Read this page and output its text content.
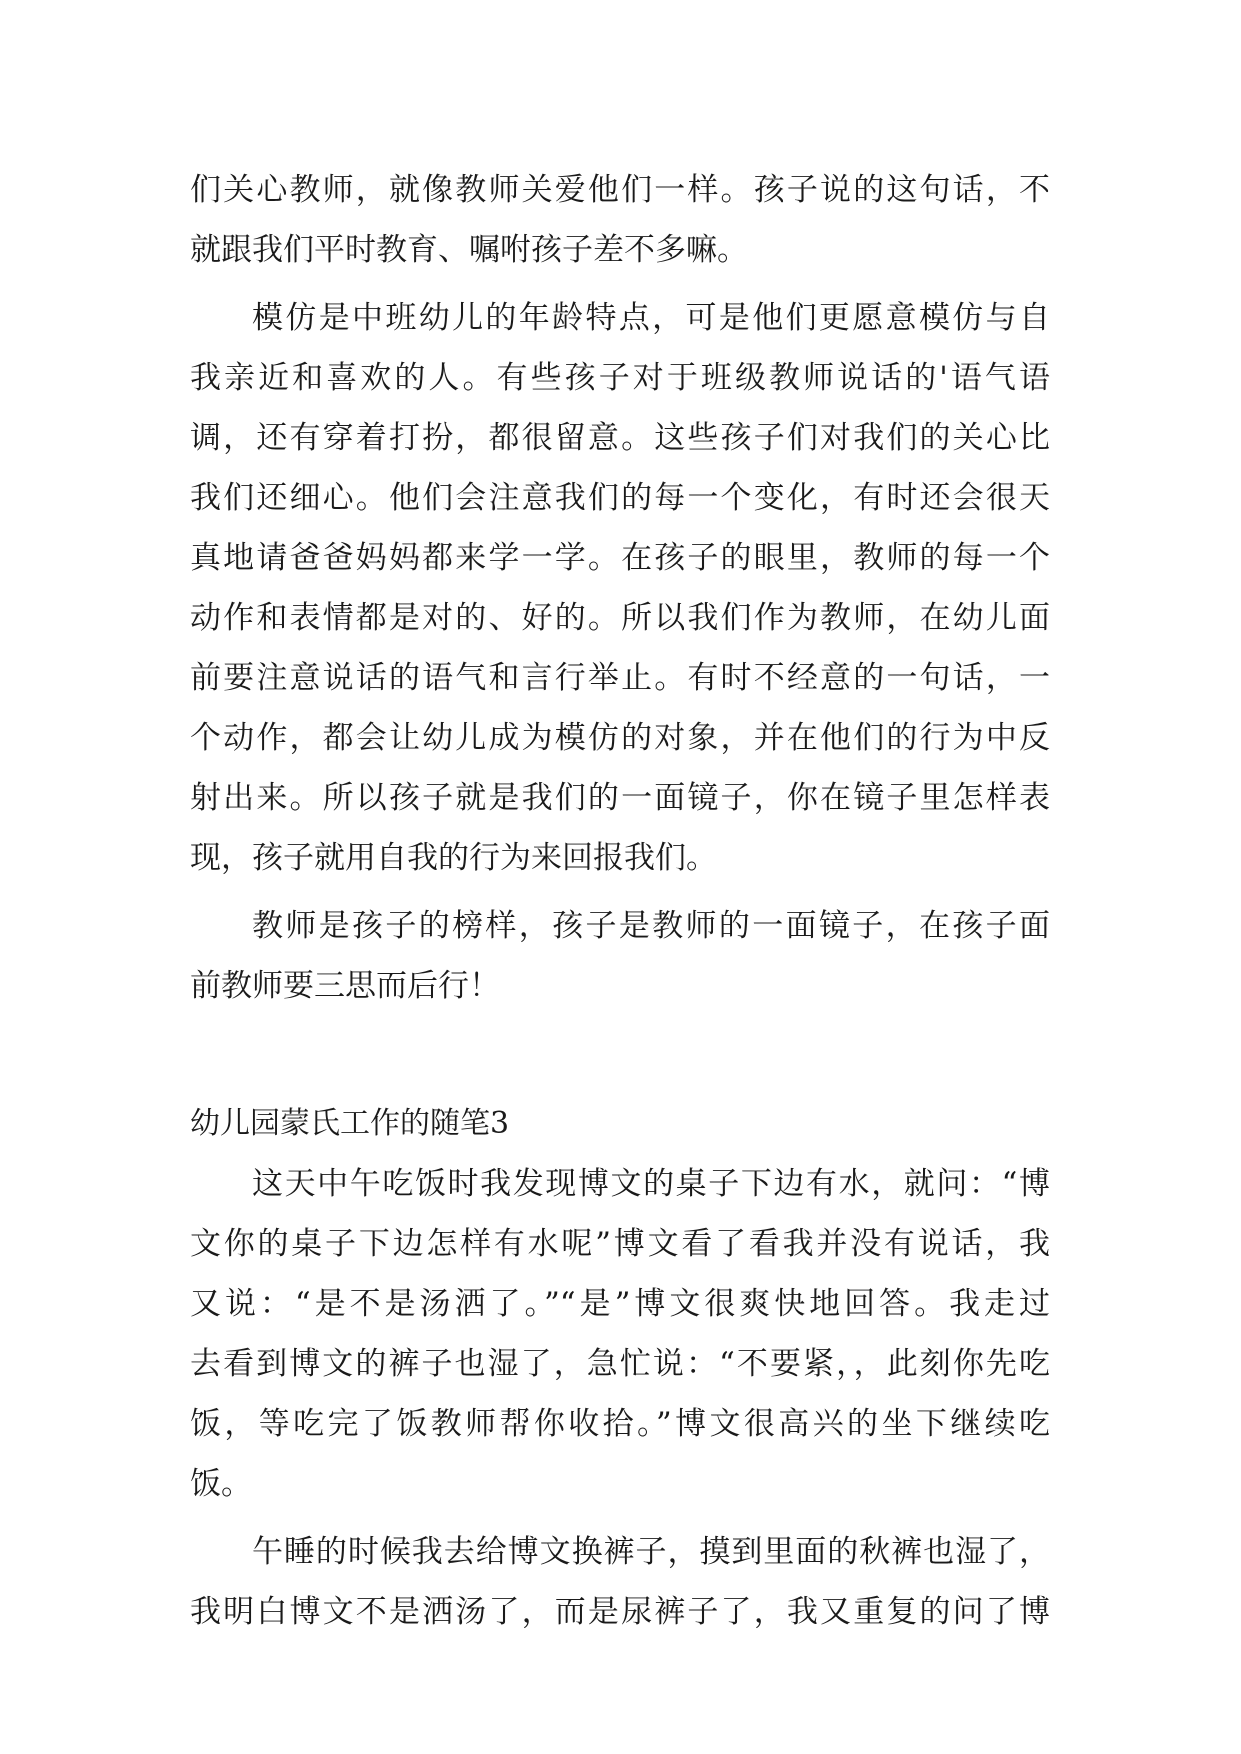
们关心教师，就像教师关爱他们一样。孩子说的这句话，不
就跟我们平时教育、嘱咐孩子差不多嘛。
模仿是中班幼儿的年龄特点，可是他们更愿意模仿与自
我亲近和喜欢的人。有些孩子对于班级教师说话的'语气语
调，还有穿着打扮，都很留意。这些孩子们对我们的关心比
我们还细心。他们会注意我们的每一个变化，有时还会很天
真地请爸爸妈妈都来学一学。在孩子的眼里，教师的每一个
动作和表情都是对的、好的。所以我们作为教师，在幼儿面
前要注意说话的语气和言行举止。有时不经意的一句话，一
个动作，都会让幼儿成为模仿的对象，并在他们的行为中反
射出来。所以孩子就是我们的一面镜子，你在镜子里怎样表
现，孩子就用自我的行为来回报我们。
教师是孩子的榜样，孩子是教师的一面镜子，在孩子面
前教师要三思而后行！
幼儿园蒙氏工作的随笔3
这天中午吃饭时我发现博文的桌子下边有水，就问：“博
文你的桌子下边怎样有水呢”博文看了看我并没有说话，我
又说：“是不是汤洒了。”“是”博文很爽快地回答。我走过
去看到博文的裤子也湿了，急忙说：“不要紧，，此刻你先吃
饭，等吃完了饭教师帮你收拾。”博文很高兴的坐下继续吃
饭。
午睡的时候我去给博文换裤子，摸到里面的秋裤也湿了，
我明白博文不是洒汤了，而是尿裤子了，我又重复的问了博
